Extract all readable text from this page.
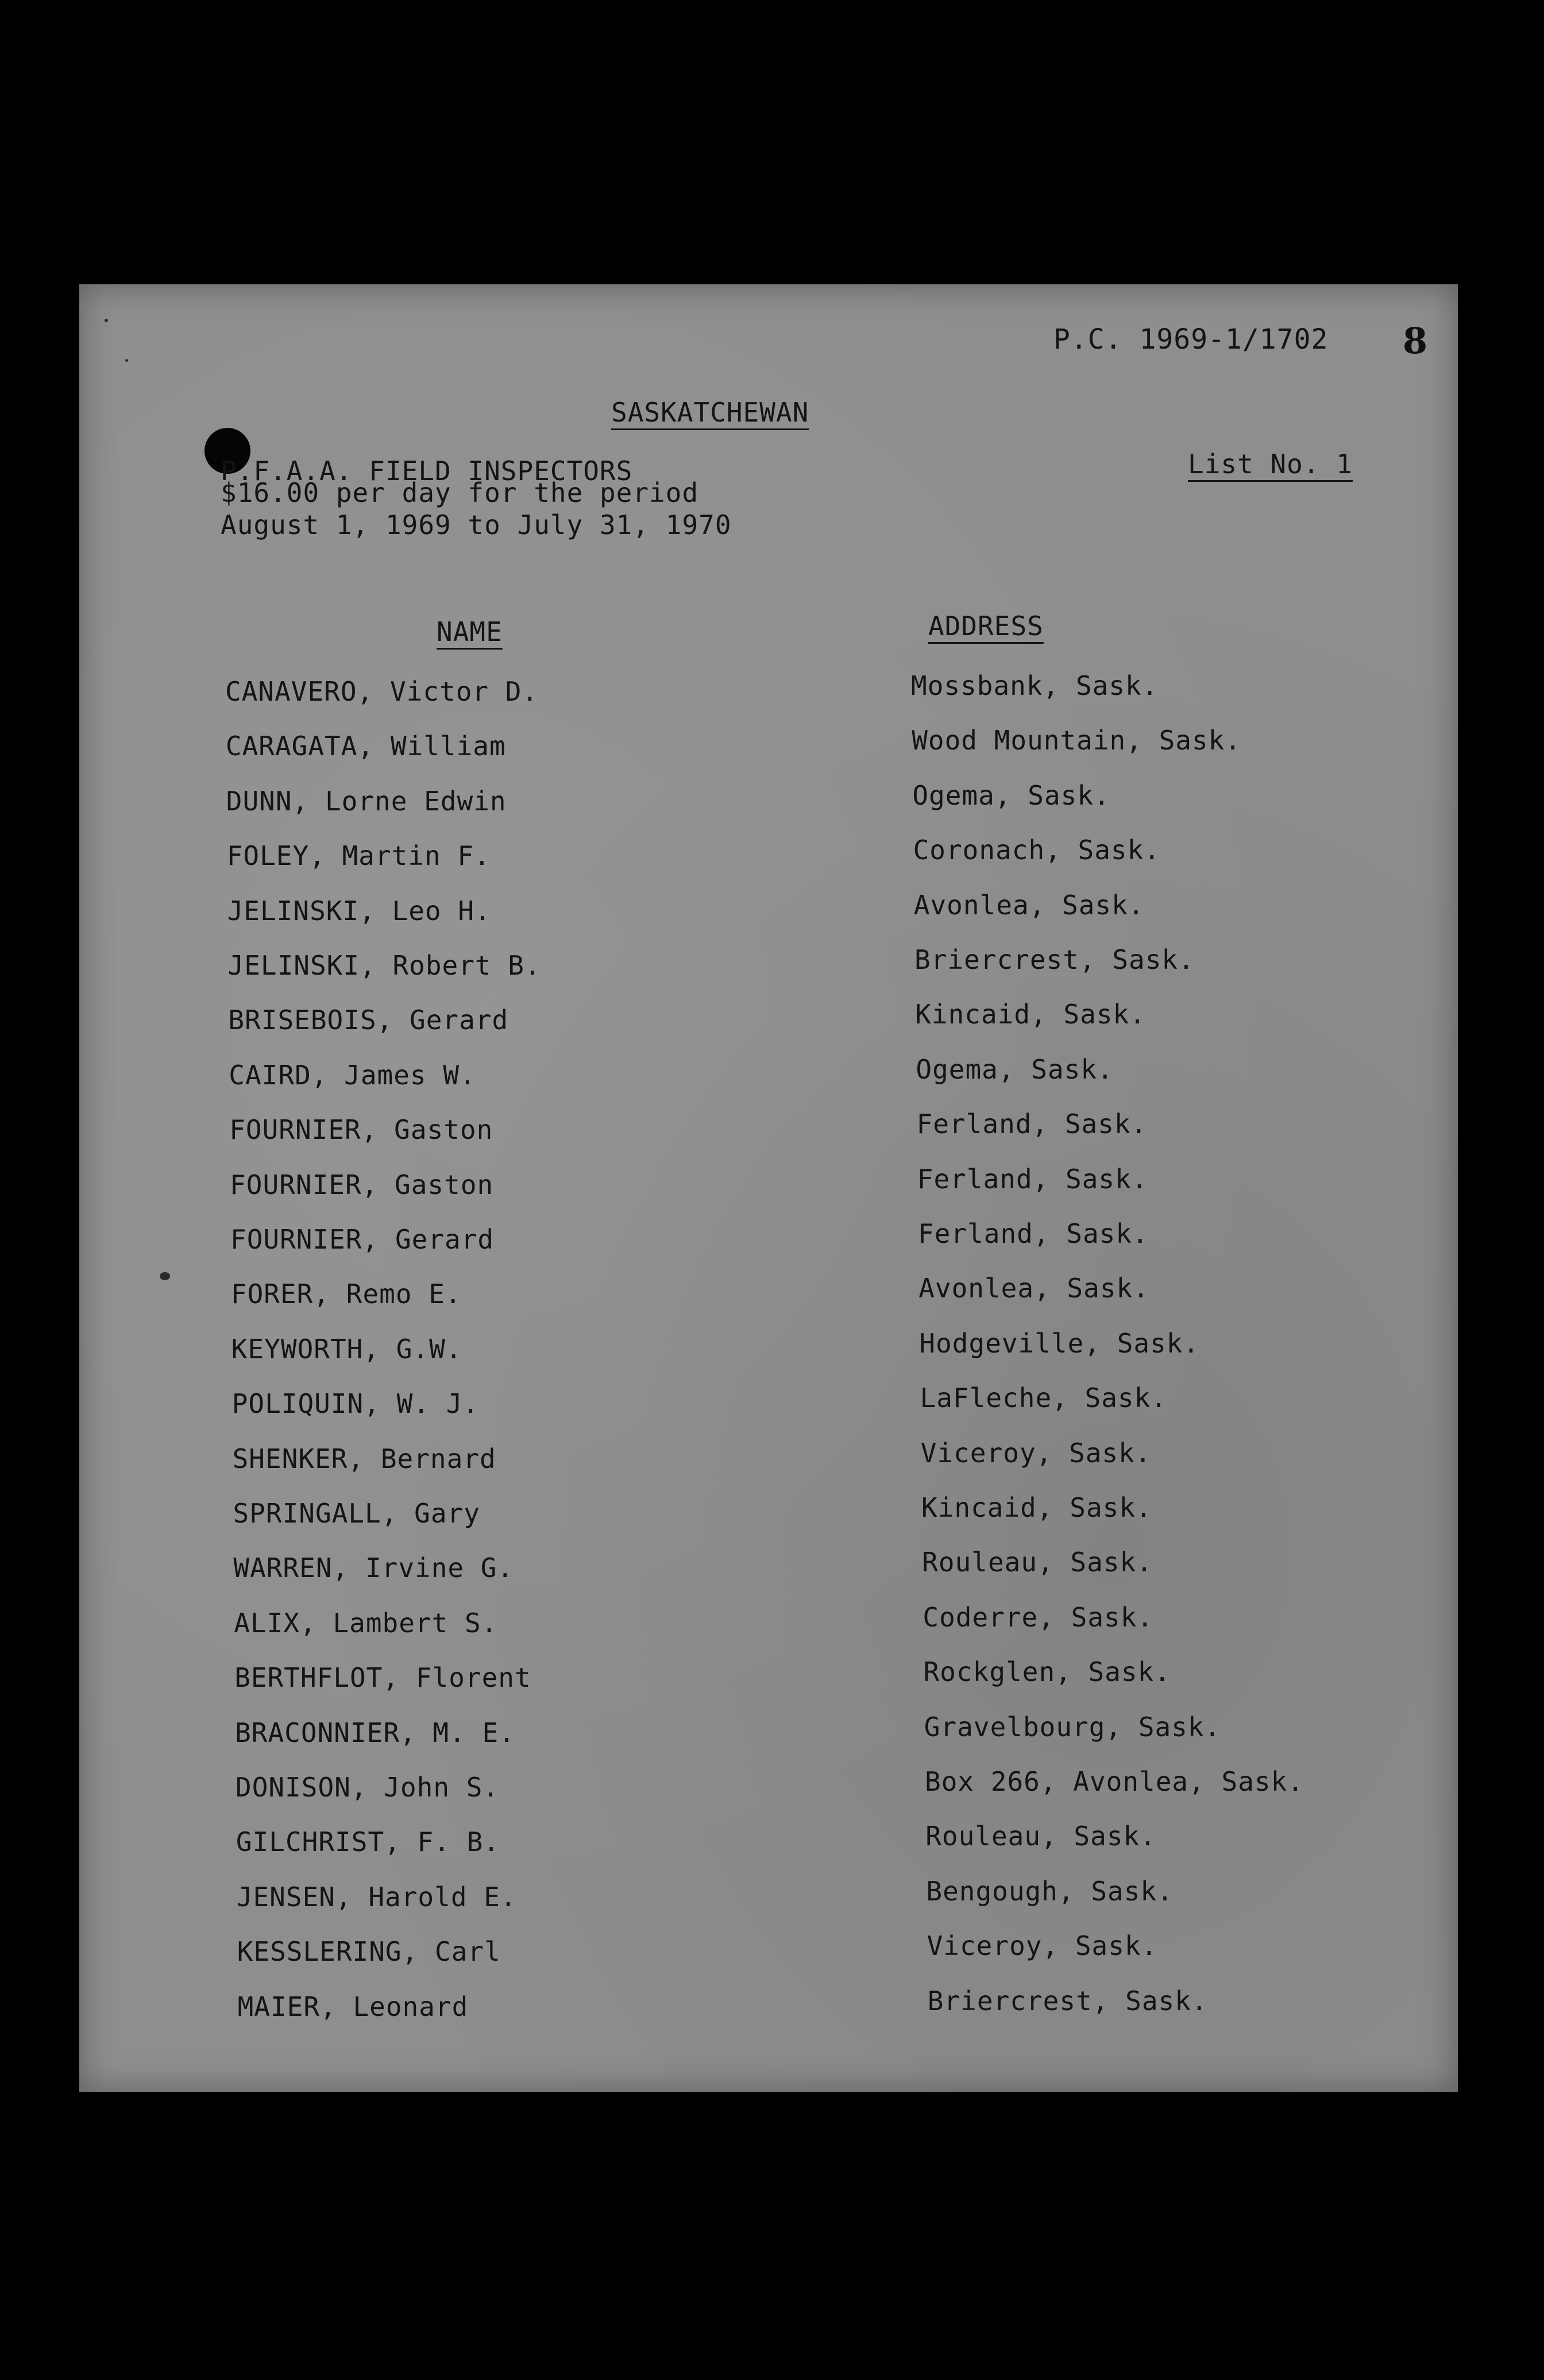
P.C. 1969-1/1702 8
SASKATCHEWAN
P.F.A.A. FIELD INSPECTORS	List No. 1
$16.00 per day for the period
August 1, 1969 to July 31, 1970
NAME	ADDRESS
CANAVERO, Victor D.	Mossbank, Sask.
CARAGATA, William	Wood Mountain, Sask.
DUNN, Lorne Edwin	Ogema, Sask.
FOLEY, Martin F.	Coronach, Sask.
JELINSKI, Leo H.	Avonlea, Sask.
JELINSKI, Robert B.	Briercrest, Sask.
BRISEBOIS, Gerard	Kincaid, Sask.
CAIRD, James W.	Ogema, Sask.
FOURNIER, Gaston	Ferland, Sask.
FOURNIER, Gaston	Ferland, Sask.
FOURNIER, Gerard	Ferland, Sask.
FORER, Remo E.	Avonlea, Sask.
KEYWORTH, G.W.	Hodgeville, Sask.
POLIQUIN, W. J.	LaFleche, Sask.
SHENKER, Bernard	Viceroy, Sask.
SPRINGALL, Gary	Kincaid, Sask.
WARREN, Irvine G.	Rouleau, Sask.
ALIX, Lambert S.	Coderre, Sask.
BERTHFLOT, Florent	Rockglen, Sask.
BRACONNIER, M. E.	Gravelbourg, Sask.
DONISON, John S.	Box 266, Avonlea, Sask.
GILCHRIST, F. B.	Rouleau, Sask.
JENSEN, Harold E.	Bengough, Sask.
KESSLERING, Carl	Viceroy, Sask.
MAIER, Leonard	Briercrest, Sask.
